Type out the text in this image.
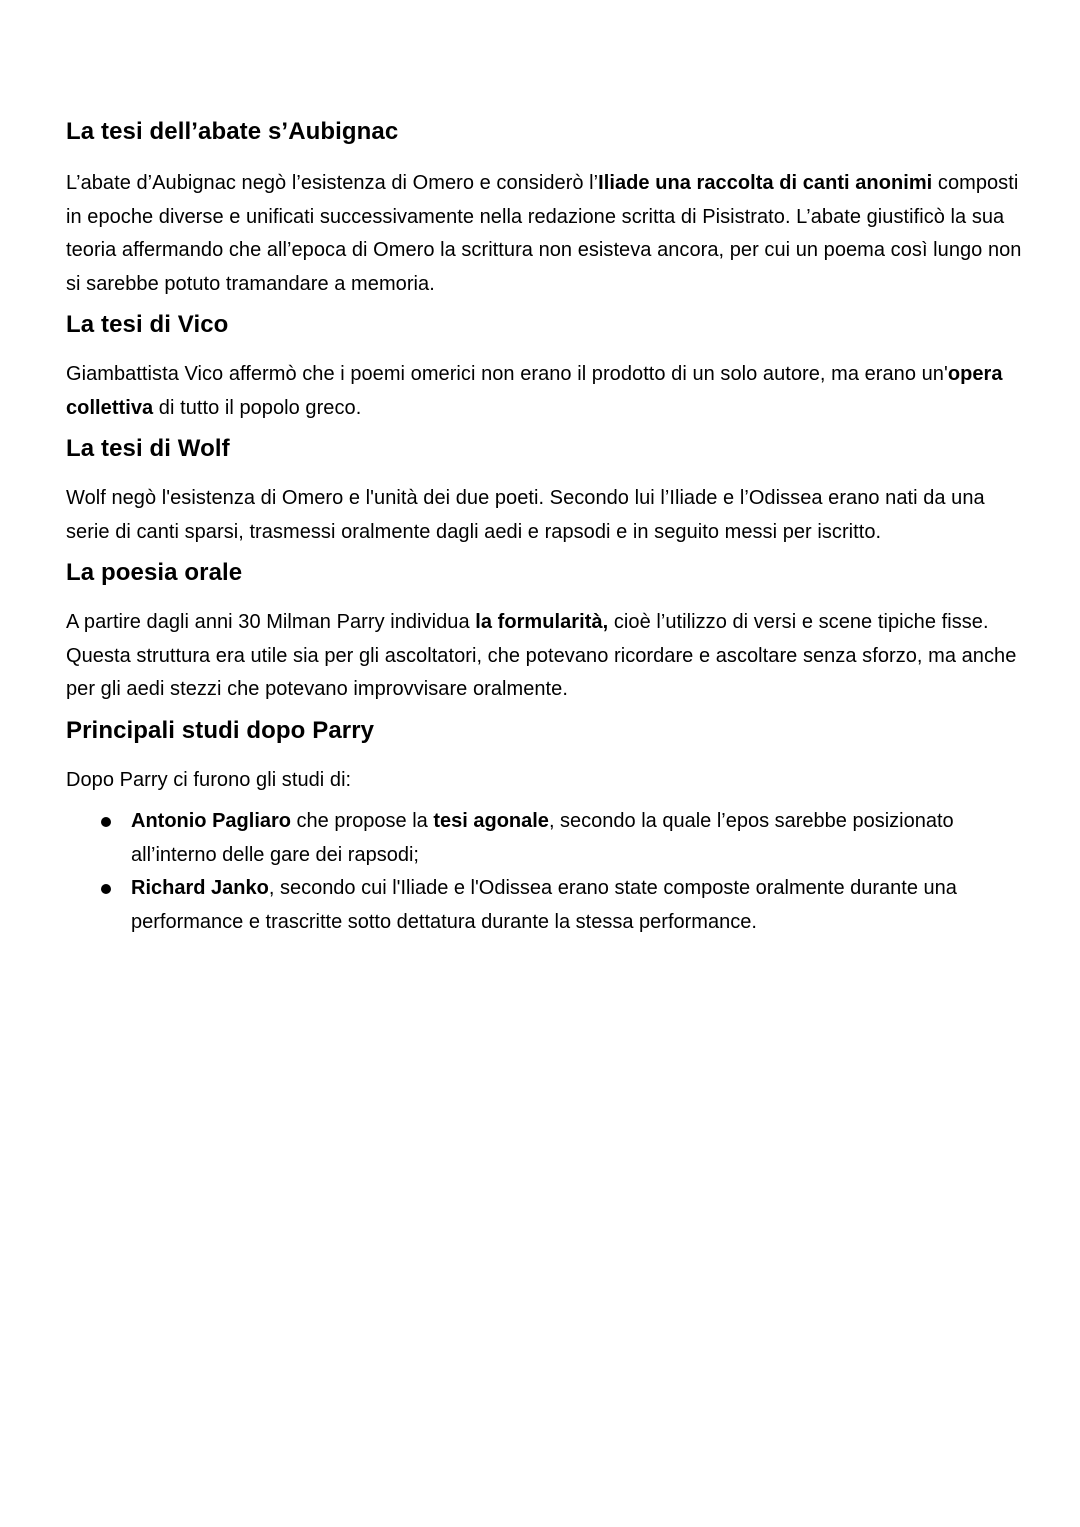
La tesi dell’abate s’Aubignac

L’abate d’Aubignac negò l’esistenza di Omero e considerò l’Iliade una raccolta di canti anonimi composti in epoche diverse e unificati successivamente nella redazione scritta di Pisistrato. L’abate giustificò la sua teoria affermando che all’epoca di Omero la scrittura non esisteva ancora, per cui un poema così lungo non si sarebbe potuto tramandare a memoria.

La tesi di Vico

Giambattista Vico affermò che i poemi omerici non erano il prodotto di un solo autore, ma erano un'opera collettiva di tutto il popolo greco.

La tesi di Wolf

Wolf negò l'esistenza di Omero e l'unità dei due poeti. Secondo lui l’Iliade e l’Odissea erano nati da una serie di canti sparsi, trasmessi oralmente dagli aedi e rapsodi e in seguito messi per iscritto.

La poesia orale

A partire dagli anni 30 Milman Parry individua la formularità, cioè l’utilizzo di versi e scene tipiche fisse. Questa struttura era utile sia per gli ascoltatori, che potevano ricordare e ascoltare senza sforzo, ma anche per gli aedi stezzi che potevano improvvisare oralmente.

Principali studi dopo Parry

Dopo Parry ci furono gli studi di:

Antonio Pagliaro che propose la tesi agonale, secondo la quale l’epos sarebbe posizionato all’interno delle gare dei rapsodi;
Richard Janko, secondo cui l'Iliade e l'Odissea erano state composte oralmente durante una performance e trascritte sotto dettatura durante la stessa performance.
